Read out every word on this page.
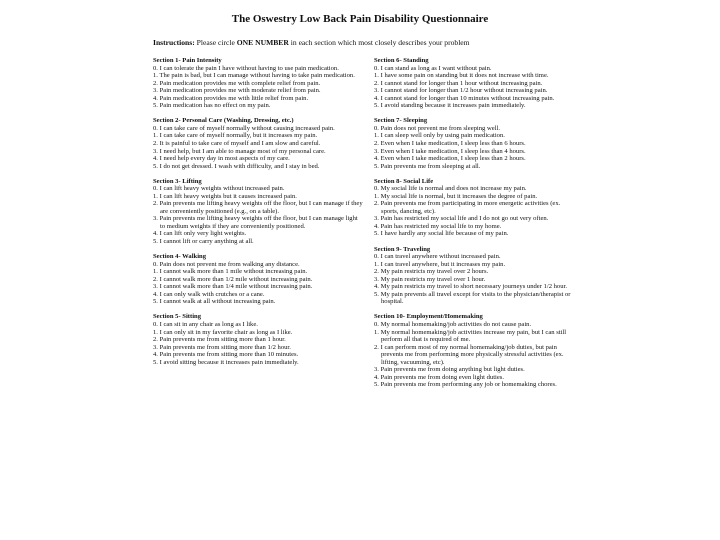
The Oswestry Low Back Pain Disability Questionnaire
Instructions: Please circle ONE NUMBER in each section which most closely describes your problem
Section 1- Pain Intensity
0. I can tolerate the pain I have without having to use pain medication.
1. The pain is bad, but I can manage without having to take pain medication.
2. Pain medication provides me with complete relief from pain.
3. Pain medication provides me with moderate relief from pain.
4. Pain medication provides me with little relief from pain.
5. Pain medication has no effect on my pain.
Section 2- Personal Care (Washing, Dressing, etc.)
0. I can take care of myself normally without causing increased pain.
1. I can take care of myself normally, but it increases my pain.
2. It is painful to take care of myself and I am slow and careful.
3. I need help, but I am able to manage most of my personal care.
4. I need help every day in most aspects of my care.
5. I do not get dressed. I wash with difficulty, and I stay in bed.
Section 3- Lifting
0. I can lift heavy weights without increased pain.
1. I can lift heavy weights but it causes increased pain.
2. Pain prevents me lifting heavy weights off the floor, but I can manage if they are conveniently positioned (e.g., on a table).
3. Pain prevents me lifting heavy weights off the floor, but I can manage light to medium weights if they are conveniently positioned.
4. I can lift only very light weights.
5. I cannot lift or carry anything at all.
Section 4- Walking
0. Pain does not prevent me from walking any distance.
1. I cannot walk more than 1 mile without increasing pain.
2. I cannot walk more than 1/2 mile without increasing pain.
3. I cannot walk more than 1/4 mile without increasing pain.
4. I can only walk with crutches or a cane.
5. I cannot walk at all without increasing pain.
Section 5- Sitting
0. I can sit in any chair as long as I like.
1. I can only sit in my favorite chair as long as I like.
2. Pain prevents me from sitting more than 1 hour.
3. Pain prevents me from sitting more than 1/2 hour.
4. Pain prevents me from sitting more than 10 minutes.
5. I avoid sitting because it increases pain immediately.
Section 6- Standing
0. I can stand as long as I want without pain.
1. I have some pain on standing but it does not increase with time.
2. I cannot stand for longer than 1 hour without increasing pain.
3. I cannot stand for longer than 1/2 hour without increasing pain.
4. I cannot stand for longer than 10 minutes without increasing pain.
5. I avoid standing because it increases pain immediately.
Section 7- Sleeping
0. Pain does not prevent me from sleeping well.
1. I can sleep well only by using pain medication.
2. Even when I take medication, I sleep less than 6 hours.
3. Even when I take medication, I sleep less than 4 hours.
4. Even when I take medication, I sleep less than 2 hours.
5. Pain prevents me from sleeping at all.
Section 8- Social Life
0. My social life is normal and does not increase my pain.
1. My social life is normal, but it increases the degree of pain.
2. Pain prevents me from participating in more energetic activities (ex. sports, dancing, etc).
3. Pain has restricted my social life and I do not go out very often.
4. Pain has restricted my social life to my home.
5. I have hardly any social life because of my pain.
Section 9- Traveling
0. I can travel anywhere without increased pain.
1. I can travel anywhere, but it increases my pain.
2. My pain restricts my travel over 2 hours.
3. My pain restricts my travel over 1 hour.
4. My pain restricts my travel to short necessary journeys under 1/2 hour.
5. My pain prevents all travel except for visits to the physician/therapist or hospital.
Section 10- Employment/Homemaking
0. My normal homemaking/job activities do not cause pain.
1. My normal homemaking/job activities increase my pain, but I can still perform all that is required of me.
2. I can perform most of my normal homemaking/job duties, but pain prevents me from performing more physically stressful activities (ex. lifting, vacuuming, etc).
3. Pain prevents me from doing anything but light duties.
4. Pain prevents me from doing even light duties.
5. Pain prevents me from performing any job or homemaking chores.
